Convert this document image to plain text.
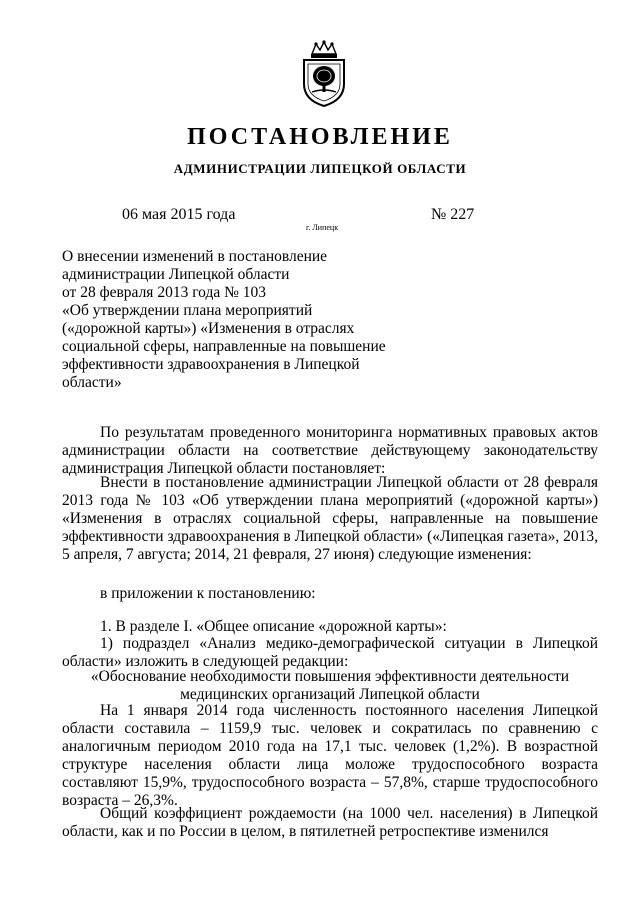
ПОСТАНОВЛЕНИЕ
АДМИНИСТРАЦИИ ЛИПЕЦКОЙ ОБЛАСТИ
06 мая 2015 года
г. Липецк
№ 227
О внесении изменений в постановление
администрации Липецкой области
от 28 февраля 2013 года № 103
«Об утверждении плана мероприятий
(«дорожной карты») «Изменения в отраслях
социальной сферы, направленные на повышение
эффективности здравоохранения в Липецкой
области»
По результатам проведенного мониторинга нормативных правовых актов администрации области на соответствие действующему законодательству администрация Липецкой области постановляет:
Внести в постановление администрации Липецкой области от 28 февраля 2013 года № 103 «Об утверждении плана мероприятий («дорожной карты») «Изменения в отраслях социальной сферы, направленные на повышение эффективности здравоохранения в Липецкой области» («Липецкая газета», 2013, 5 апреля, 7 августа; 2014, 21 февраля, 27 июня) следующие изменения:
в приложении к постановлению:
1. В разделе I. «Общее описание «дорожной карты»:
1) подраздел «Анализ медико-демографической ситуации в Липецкой области» изложить в следующей редакции:
«Обоснование необходимости повышения эффективности деятельности
медицинских организаций Липецкой области
На 1 января 2014 года численность постоянного населения Липецкой области составила – 1159,9 тыс. человек и сократилась по сравнению с аналогичным периодом 2010 года на 17,1 тыс. человек (1,2%). В возрастной структуре населения области лица моложе трудоспособного возраста составляют 15,9%, трудоспособного возраста – 57,8%, старше трудоспособного возраста – 26,3%.
Общий коэффициент рождаемости (на 1000 чел. населения) в Липецкой области, как и по России в целом, в пятилетней ретроспективе изменился
